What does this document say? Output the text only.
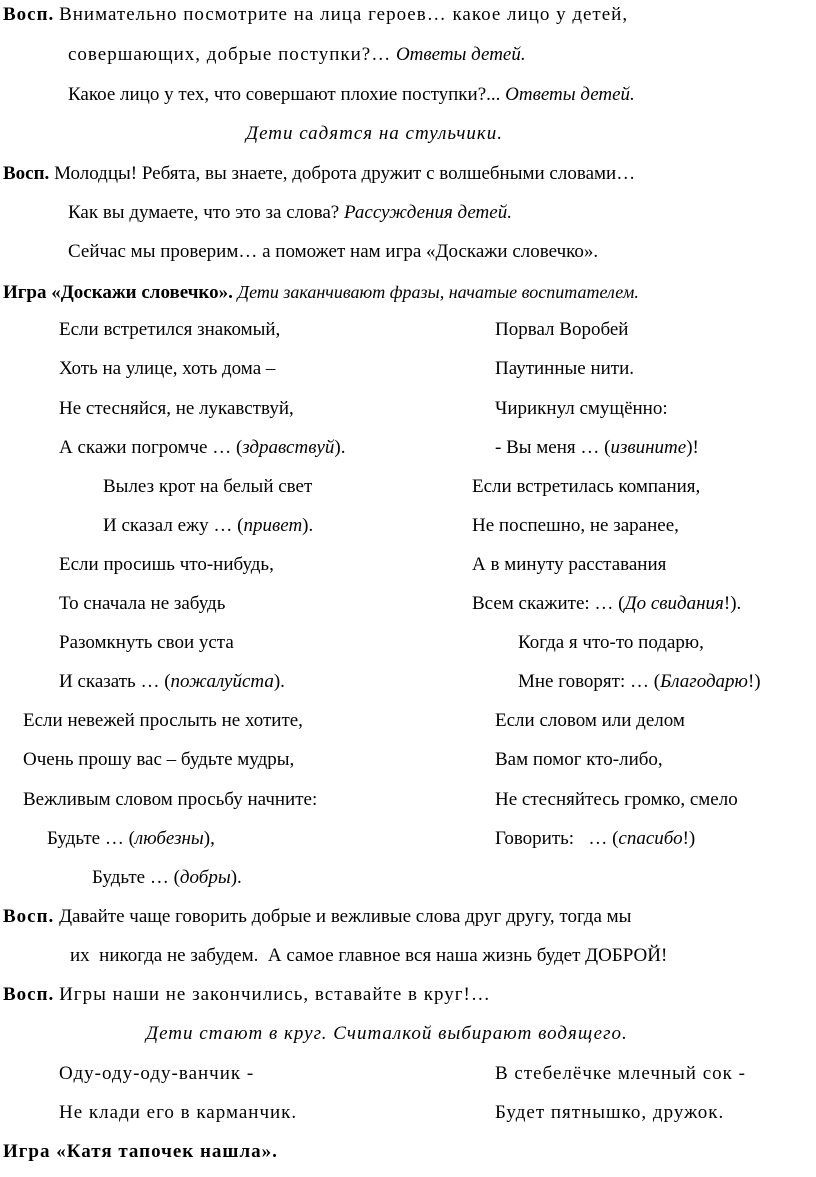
Восп. Внимательно посмотрите на лица героев… какое лицо у детей,
совершающих, добрые поступки?… Ответы детей.
Какое лицо у тех, что совершают плохие поступки?... Ответы детей.
Дети садятся на стульчики.
Восп. Молодцы! Ребята, вы знаете, доброта дружит с волшебными словами…
Как вы думаете, что это за слова? Рассуждения детей.
Сейчас мы проверим… а поможет нам игра «Доскажи словечко».
Игра «Доскажи словечко». Дети заканчивают фразы, начатые воспитателем.
Если встретился знакомый,
Хоть на улице, хоть дома –
Не стесняйся, не лукавствуй,
А скажи погромче … (здравствуй).
Вылез крот на белый свет
И сказал ежу … (привет).
Если просишь что-нибудь,
То сначала не забудь
Разомкнуть свои уста
И сказать … (пожалуйста).
Если невежей прослыть не хотите,
Очень прошу вас – будьте мудры,
Вежливым словом просьбу начните:
Будьте … (любезны),
Будьте … (добры).
Порвал Воробей
Паутинные нити.
Чирикнул смущённо:
- Вы меня … (извините)!
Если встретилась компания,
Не поспешно, не заранее,
А в минуту расставания
Всем скажите: … (До свидания!).
Когда я что-то подарю,
Мне говорят: … (Благодарю!)
Если словом или делом
Вам помог кто-либо,
Не стесняйтесь громко, смело
Говорить:   … (спасибо!)
Восп. Давайте чаще говорить добрые и вежливые слова друг другу, тогда мы
их  никогда не забудем.  А самое главное вся наша жизнь будет ДОБРОЙ!
Восп. Игры наши не закончились, вставайте в круг!…
Дети стают в круг. Считалкой выбирают водящего.
Оду-оду-оду-ванчик -
Не клади его в карманчик.
В стебелёчке млечный сок -
Будет пятнышко, дружок.
Игра «Катя тапочек нашла».
